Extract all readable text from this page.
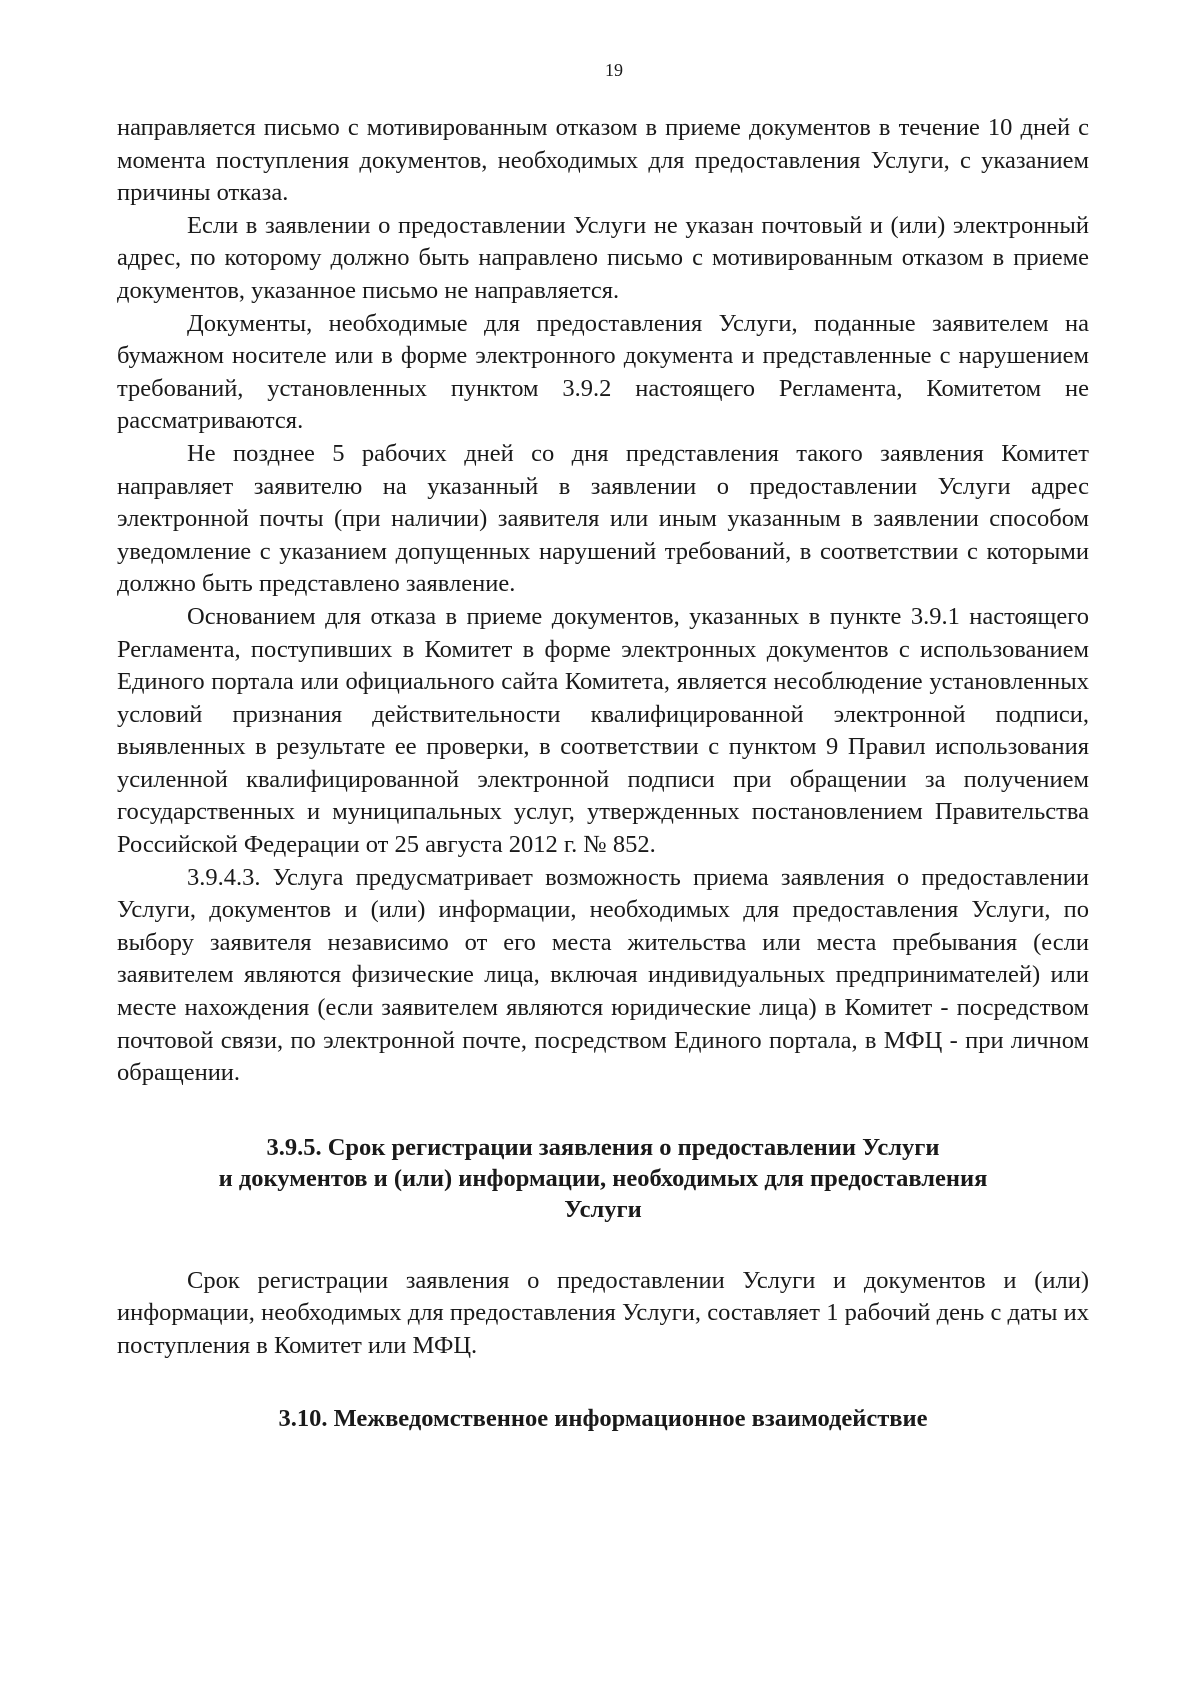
19

направляется письмо с мотивированным отказом в приеме документов в течение 10 дней с момента поступления документов, необходимых для предоставления Услуги, с указанием причины отказа.

Если в заявлении о предоставлении Услуги не указан почтовый и (или) электронный адрес, по которому должно быть направлено письмо с мотивированным отказом в приеме документов, указанное письмо не направляется.

Документы, необходимые для предоставления Услуги, поданные заявителем на бумажном носителе или в форме электронного документа и представленные с нарушением требований, установленных пунктом 3.9.2 настоящего Регламента, Комитетом не рассматриваются.

Не позднее 5 рабочих дней со дня представления такого заявления Комитет направляет заявителю на указанный в заявлении о предоставлении Услуги адрес электронной почты (при наличии) заявителя или иным указанным в заявлении способом уведомление с указанием допущенных нарушений требований, в соответствии с которыми должно быть представлено заявление.

Основанием для отказа в приеме документов, указанных в пункте 3.9.1 настоящего Регламента, поступивших в Комитет в форме электронных документов с использованием Единого портала или официального сайта Комитета, является несоблюдение установленных условий признания действительности квалифицированной электронной подписи, выявленных в результате ее проверки, в соответствии с пунктом 9 Правил использования усиленной квалифицированной электронной подписи при обращении за получением государственных и муниципальных услуг, утвержденных постановлением Правительства Российской Федерации от 25 августа 2012 г. № 852.

3.9.4.3. Услуга предусматривает возможность приема заявления о предоставлении Услуги, документов и (или) информации, необходимых для предоставления Услуги, по выбору заявителя независимо от его места жительства или места пребывания (если заявителем являются физические лица, включая индивидуальных предпринимателей) или месте нахождения (если заявителем являются юридические лица) в Комитет - посредством почтовой связи, по электронной почте, посредством Единого портала, в МФЦ - при личном обращении.

3.9.5. Срок регистрации заявления о предоставлении Услуги
и документов и (или) информации, необходимых для предоставления
Услуги

Срок регистрации заявления о предоставлении Услуги и документов и (или) информации, необходимых для предоставления Услуги, составляет 1 рабочий день с даты их поступления в Комитет или МФЦ.

3.10. Межведомственное информационное взаимодействие
